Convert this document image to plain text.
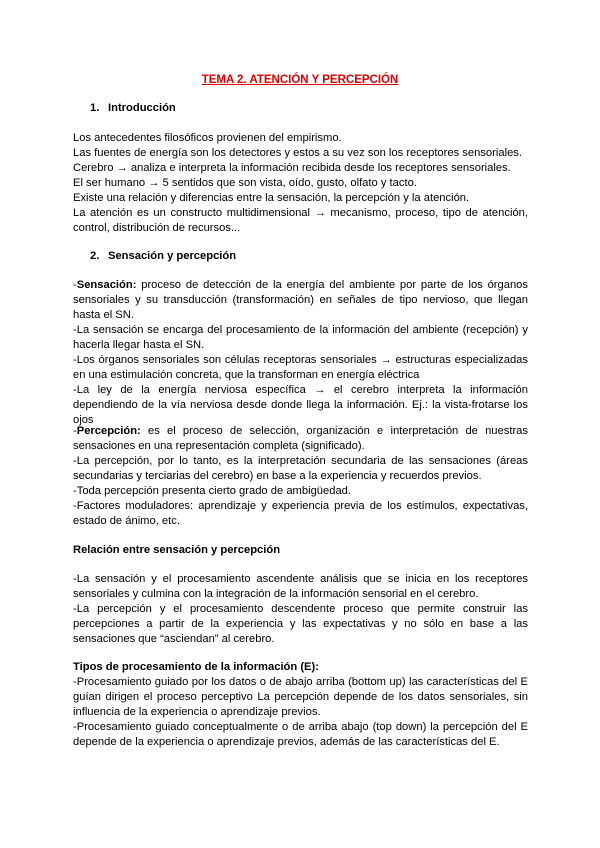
TEMA 2. ATENCIÓN Y PERCEPCIÓN
1. Introducción

Los antecedentes filosóficos provienen del empirismo.

Las fuentes de energía son los detectores y estos a su vez son los receptores sensoriales.

Cerebro → analiza e interpreta la información recibida desde los receptores sensoriales.

El ser humano → 5 sentidos que son vista, oído, gusto, olfato y tacto.

Existe una relación y diferencias entre la sensación, la percepción y la atención.

La atención es un constructo multidimensional → mecanismo, proceso, tipo de atención, control, distribución de recursos...

2. Sensación y percepción

-Sensación: proceso de detección de la energía del ambiente por parte de los órganos sensoriales y su transducción (transformación) en señales de tipo nervioso, que llegan hasta el SN.

-La sensación se encarga del procesamiento de la información del ambiente (recepción) y hacerla llegar hasta el SN.

-Los órganos sensoriales son células receptoras sensoriales → estructuras especializadas en una estimulación concreta, que la transforman en energía eléctrica

-La ley de la energía nerviosa específica → el cerebro interpreta la información dependiendo de la vía nerviosa desde donde llega la información. Ej.: la vista-frotarse los ojos

-Percepción: es el proceso de selección, organización e interpretación de nuestras sensaciones en una representación completa (significado).

-La percepción, por lo tanto, es la interpretación secundaria de las sensaciones (áreas secundarias y terciarias del cerebro) en base a la experiencia y recuerdos previos.

-Toda percepción presenta cierto grado de ambigüedad.

-Factores moduladores: aprendizaje y experiencia previa de los estímulos, expectativas, estado de ánimo, etc.

Relación entre sensación y percepción

-La sensación y el procesamiento ascendente análisis que se inicia en los receptores sensoriales y culmina con la integración de la información sensorial en el cerebro.

-La percepción y el procesamiento descendente proceso que permite construir las percepciones a partir de la experiencia y las expectativas y no sólo en base a las sensaciones que “asciendan” al cerebro.

Tipos de procesamiento de la información (E):

-Procesamiento guiado por los datos o de abajo arriba (bottom up) las características del E guían dirigen el proceso perceptivo La percepción depende de los datos sensoriales, sin influencia de la experiencia o aprendizaje previos.

-Procesamiento guiado conceptualmente o de arriba abajo (top down) la percepción del E depende de la experiencia o aprendizaje previos, además de las características del E.
